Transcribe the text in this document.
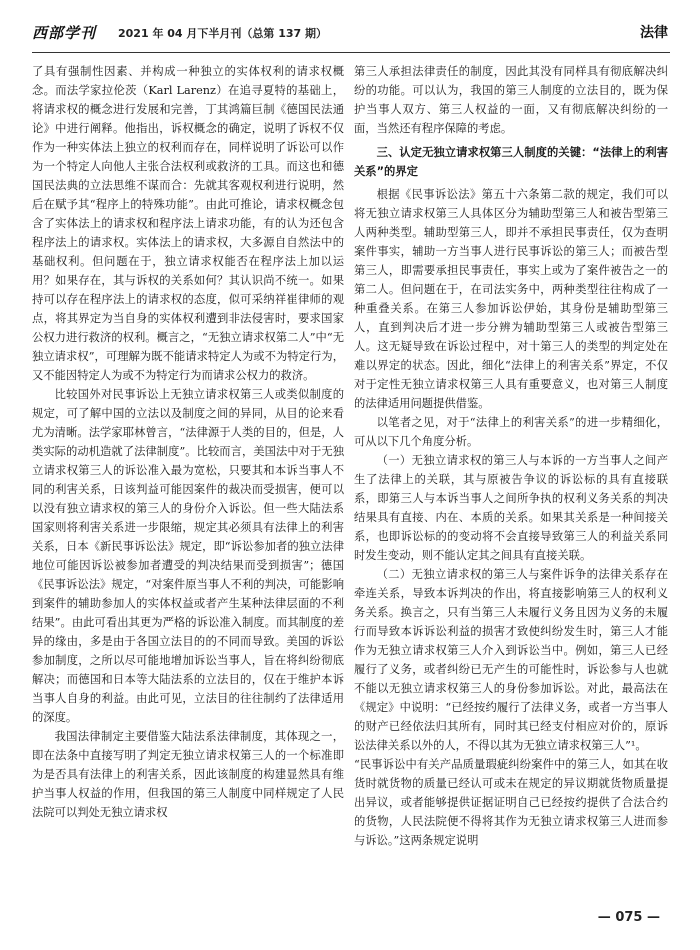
西部学刊 2021 年 04 月下半月刊（总第 137 期）	法律

了具有强制性因素、并构成一种独立的实体权利的请求权概念。而法学家拉伦茨（Karl Larenz）在追寻夏特的基础上，将请求权的概念进行发展和完善，丁其鸿篇巨制《德国民法通论》中进行阐释。他指出，诉权概念的确定，说明了诉权不仅作为一种实体法上独立的权利而存在，同样说明了诉讼可以作为一个特定人向他人主张合法权利或救济的工具。而这也和德国民法典的立法思维不谋而合：先就其客观权利进行说明，然后在赋予其“程序上的特殊功能”。由此可推论，请求权概念包含了实体法上的请求权和程序法上请求功能，有的认为还包含程序法上的请求权。实体法上的请求权，大多源自自然法中的基础权利。但问题在于，独立请求权能否在程序法上加以运用？如果存在，其与诉权的关系如何？其认识尚不统一。如果持可以存在程序法上的请求权的态度，似可采纳祥崔律师的观点，将其界定为当自身的实体权利遭到非法侵害时，要求国家公权力进行救济的权利。概言之，“无独立请求权第二人”中“无独立请求权”，可理解为既不能请求特定人为或不为特定行为，又不能因特定人为或不为特定行为而请求公权力的救济。

比较国外对民事诉讼上无独立请求权第三人或类似制度的规定，可了解中国的立法以及制度之间的异同，从目的论来看尤为清晰。法学家耶林曾言，“法律源于人类的目的，但是，人类实际的动机造就了法律制度”。比较而言，美国法中对于无独立请求权第三人的诉讼准入最为宽松，只要其和本诉当事人不同的利害关系，日该判益可能因案件的裁决而受损害，便可以以没有独立请求权的第三人的身份介入诉讼。但一些大陆法系国家则将利害关系进一步限缩，规定其必须具有法律上的利害关系，日本《新民事诉讼法》规定，即“诉讼参加者的独立法律地位可能因诉讼被参加者遭受的判决结果而受到损害”；德国《民事诉讼法》规定，“对案件原当事人不利的判决，可能影响到案件的辅助参加人的实体权益或者产生某种法律层面的不利结果”。由此可看出其更为严格的诉讼准入制度。而其制度的差异的缘由，多是由于各国立法目的的不同而导致。美国的诉讼参加制度，之所以尽可能地增加诉讼当事人，旨在将纠纷彻底解决；而德国和日本等大陆法系的立法目的，仅在于维护本诉当事人自身的利益。由此可见，立法目的往往制约了法律适用的深度。

我国法律制定主要借鉴大陆法系法律制度，其体现之一，即在法条中直接写明了判定无独立请求权第三人的一个标准即为是否具有法律上的利害关系，因此该制度的构建显然具有维护当事人权益的作用，但我国的第三人制度中同样规定了人民法院可以判处无独立请求权

第三人承担法律责任的制度，因此其没有同样具有彻底解决纠纷的功能。可以认为，我国的第三人制度的立法目的，既为保护当事人双方、第三人权益的一面，又有彻底解决纠纷的一面，当然还有程序保障的考虑。

三、认定无独立请求权第三人制度的关键：“法律上的利害关系”的界定

根据《民事诉讼法》第五十六条第二款的规定，我们可以将无独立请求权第三人具体区分为辅助型第三人和被告型第三人两种类型。辅助型第三人，即并不承担民事责任，仅为查明案件事实，辅助一方当事人进行民事诉讼的第三人；而被告型第三人，即需要承担民事责任，事实上或为了案件被告之一的第二人。但问题在于，在司法实务中，两种类型往往构成了一种重叠关系。在第三人参加诉讼伊始，其身份是辅助型第三人，直到判决后才进一步分辨为辅助型第三人或被告型第三人。这无疑导致在诉讼过程中，对十第三人的类型的判定处在难以界定的状态。因此，细化“法律上的利害关系”界定，不仅对于定性无独立请求权第三人具有重要意义，也对第三人制度的法律适用问题提供借鉴。

以笔者之见，对于“法律上的利害关系”的进一步精细化，可从以下几个角度分析。

（一）无独立请求权的第三人与本诉的一方当事人之间产生了法律上的关联，其与原被告争议的诉讼标的具有直接联系，即第三人与本诉当事人之间所争执的权利义务关系的判决结果具有直接、内在、本质的关系。如果其关系是一种间接关系，也即诉讼标的的变动将不会直接导致第三人的利益关系同时发生变动，则不能认定其之间具有直接关联。

（二）无独立请求权的第三人与案件诉争的法律关系存在牵连关系，导致本诉判决的作出，将直接影响第三人的权利义务关系。换言之，只有当第三人未履行义务且因为义务的未履行而导致本诉诉讼利益的损害才致使纠纷发生时，第三人才能作为无独立请求权第三人介入到诉讼当中。例如，第三人已经履行了义务，或者纠纷已无产生的可能性时，诉讼参与人也就不能以无独立请求权第三人的身份参加诉讼。对此，最高法在《规定》中说明：“已经按约履行了法律义务，或者一方当事人的财产已经依法归其所有，同时其已经支付相应对价的，原诉讼法律关系以外的人，不得以其为无独立请求权第三人”¹。

“民事诉讼中有关产品质量瑕疵纠纷案件中的第三人，如其在收货时就货物的质量已经认可或未在规定的异议期就货物质量提出异议，或者能够提供证据证明自己已经按约提供了合法合约的货物，人民法院便不得将其作为无独立请求权第三人进而参与诉讼。”这两条规定说明

— 075 —
